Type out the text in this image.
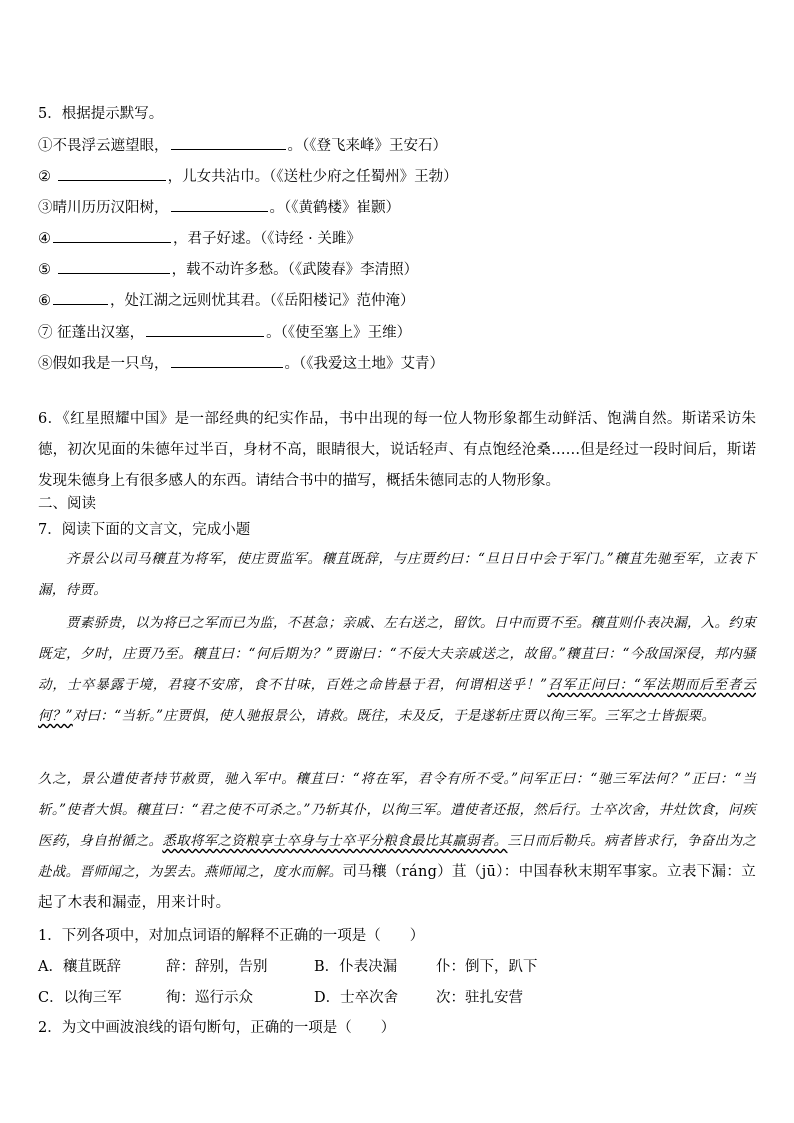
5．根据提示默写。
①不畏浮云遮望眼，	。（《登飞来峰》王安石）
②	，儿女共沾巾。（《送杜少府之任蜀州》王勃）
③晴川历历汉阳树，	。（《黄鹤楼》崔颢）
④	，君子好逑。（《诗经 · 关雎》
⑤	，载不动许多愁。（《武陵春》李清照）
⑥	，处江湖之远则忧其君。（《岳阳楼记》范仲淹）
⑦ 征蓬出汉塞，	。（《使至塞上》王维）
⑧假如我是一只鸟，	。（《我爱这土地》艾青）
6．《红星照耀中国》是一部经典的纪实作品，书中出现的每一位人物形象都生动鲜活、饱满自然。斯诺采访朱德，初次见面的朱德年过半百，身材不高，眼睛很大，说话轻声、有点饱经沧桑……但是经过一段时间后，斯诺发现朱德身上有很多感人的东西。请结合书中的描写，概括朱德同志的人物形象。
二、阅读
7．阅读下面的文言文，完成小题
齐景公以司马穰苴为将军，使庄贾监军。穰苴既辞，与庄贾约曰：“旦日日中会于军门。”穰苴先驰至军，立表下漏，待贾。
贾素骄贵，以为将已之军而已为监，不甚急；亲戚、左右送之，留饮。日中而贾不至。穰苴则仆表决漏，入。约束既定，夕时，庄贾乃至。穰苴曰：“何后期为？”贾谢曰：“不佞大夫亲戚送之，故留。”穰苴曰：“今敌国深侵，邦内骚动，士卒暴露于境，君寝不安席，食不甘味，百姓之命皆悬于君，何谓相送乎！”召军正问曰：“军法期而后至者云何？”对曰：“当斩。”庄贾惧，使人驰报景公，请救。既往，未及反，于是遂斩庄贾以徇三军。三军之士皆振栗。
久之，景公遣使者持节赦贾，驰入军中。穰苴曰：“将在军，君令有所不受。”问军正曰：“驰三军法何？”正曰：“当斩。”使者大惧。穰苴曰：“君之使不可杀之。”乃斩其仆，以徇三军。遣使者还报，然后行。士卒次舍，井灶饮食，问疾医药，身自拊循之。悉取将军之资粮享士卒身与士卒平分粮食最比其羸弱者。三日而后勒兵。病者皆求行，争奋出为之赴战。晋师闻之，为罢去。燕师闻之，度水而解。司马穰（ráng）苴（jū）：中国春秋末期军事家。立表下漏：立起了木表和漏壶，用来计时。
1．下列各项中，对加点词语的解释不正确的一项是（　　）
A．穰苴既辞	辞：辞别，告别	B．仆表决漏	仆：倒下，趴下
C．以徇三军	徇：巡行示众	D．士卒次舍	次：驻扎安营
2．为文中画波浪线的语句断句，正确的一项是（　　）
